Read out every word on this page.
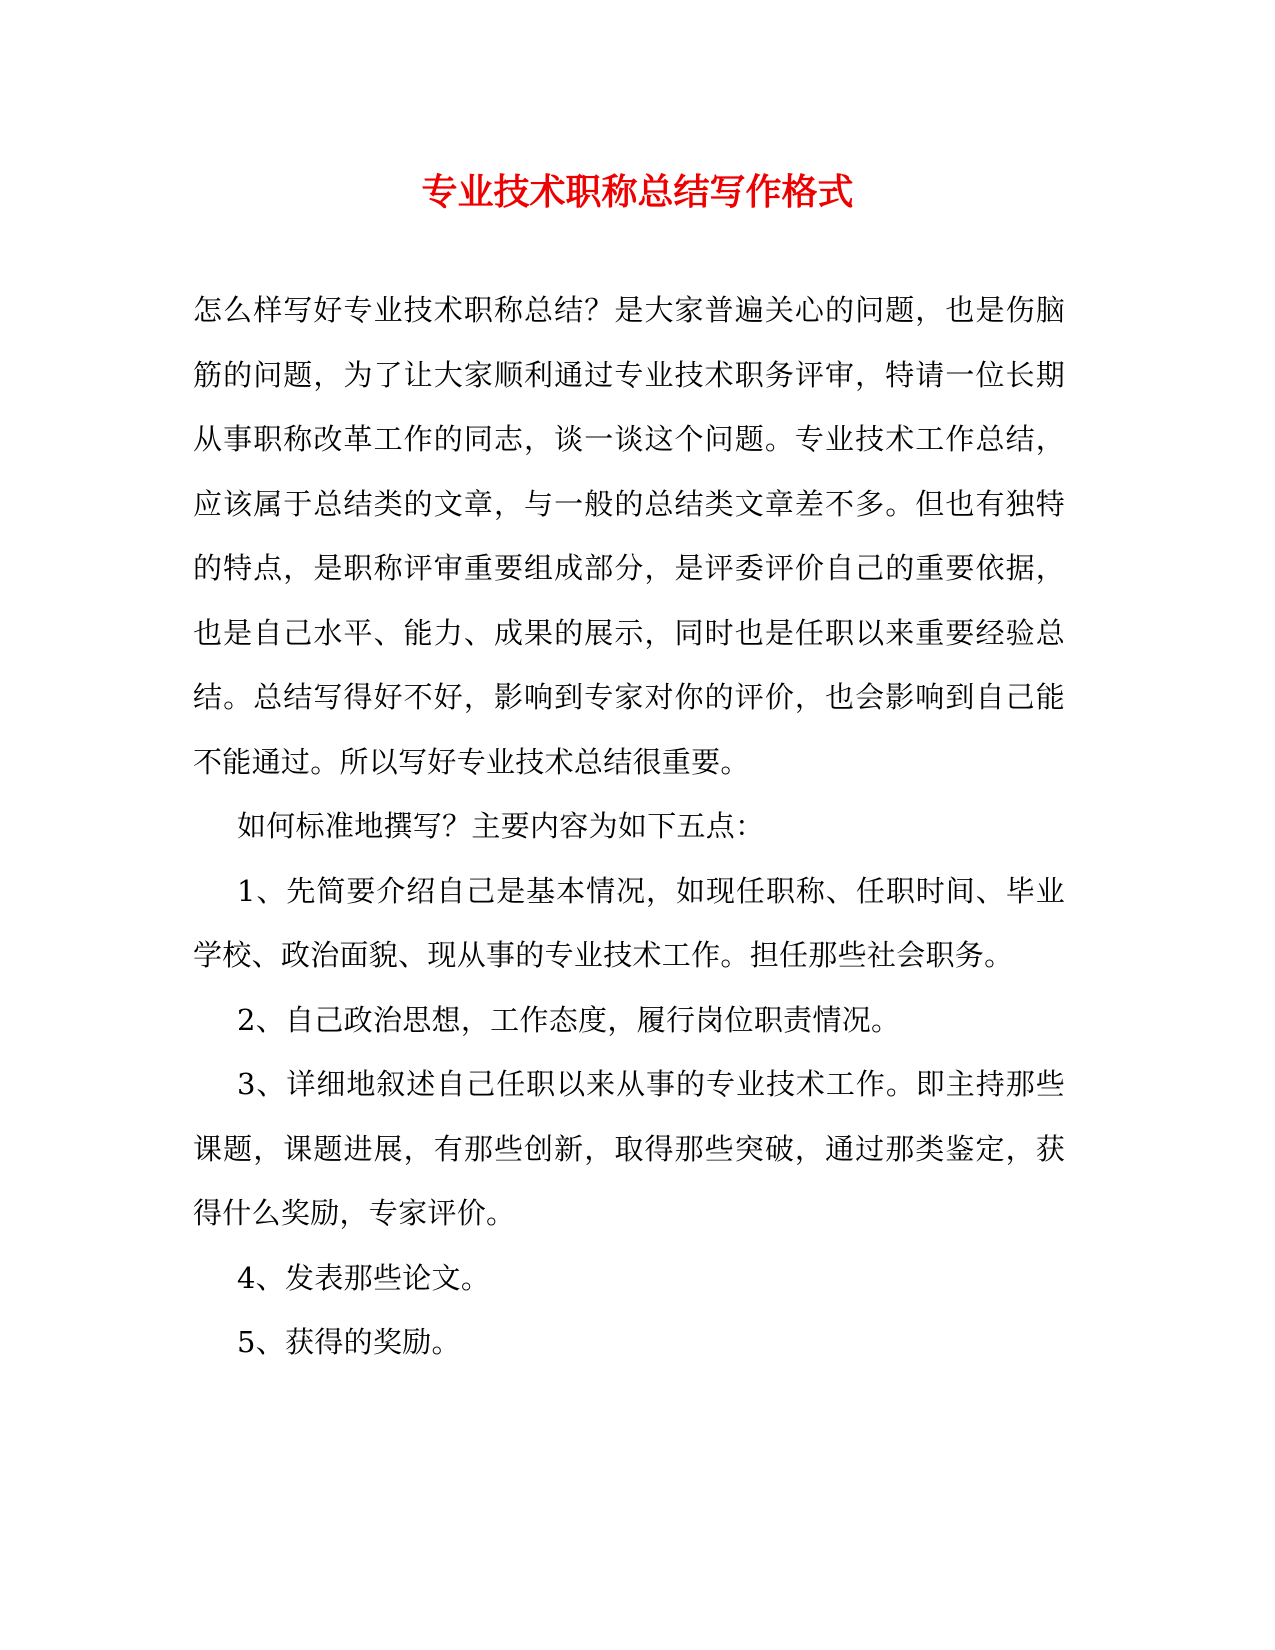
专业技术职称总结写作格式

怎么样写好专业技术职称总结？是大家普遍关心的问题，也是伤脑筋的问题，为了让大家顺利通过专业技术职务评审，特请一位长期从事职称改革工作的同志，谈一谈这个问题。专业技术工作总结，应该属于总结类的文章，与一般的总结类文章差不多。但也有独特的特点，是职称评审重要组成部分，是评委评价自己的重要依据，也是自己水平、能力、成果的展示，同时也是任职以来重要经验总结。总结写得好不好，影响到专家对你的评价，也会影响到自己能不能通过。所以写好专业技术总结很重要。

如何标准地撰写？主要内容为如下五点：

1、先简要介绍自己是基本情况，如现任职称、任职时间、毕业学校、政治面貌、现从事的专业技术工作。担任那些社会职务。

2、自己政治思想，工作态度，履行岗位职责情况。

3、详细地叙述自己任职以来从事的专业技术工作。即主持那些课题，课题进展，有那些创新，取得那些突破，通过那类鉴定，获得什么奖励，专家评价。

4、发表那些论文。

5、获得的奖励。
